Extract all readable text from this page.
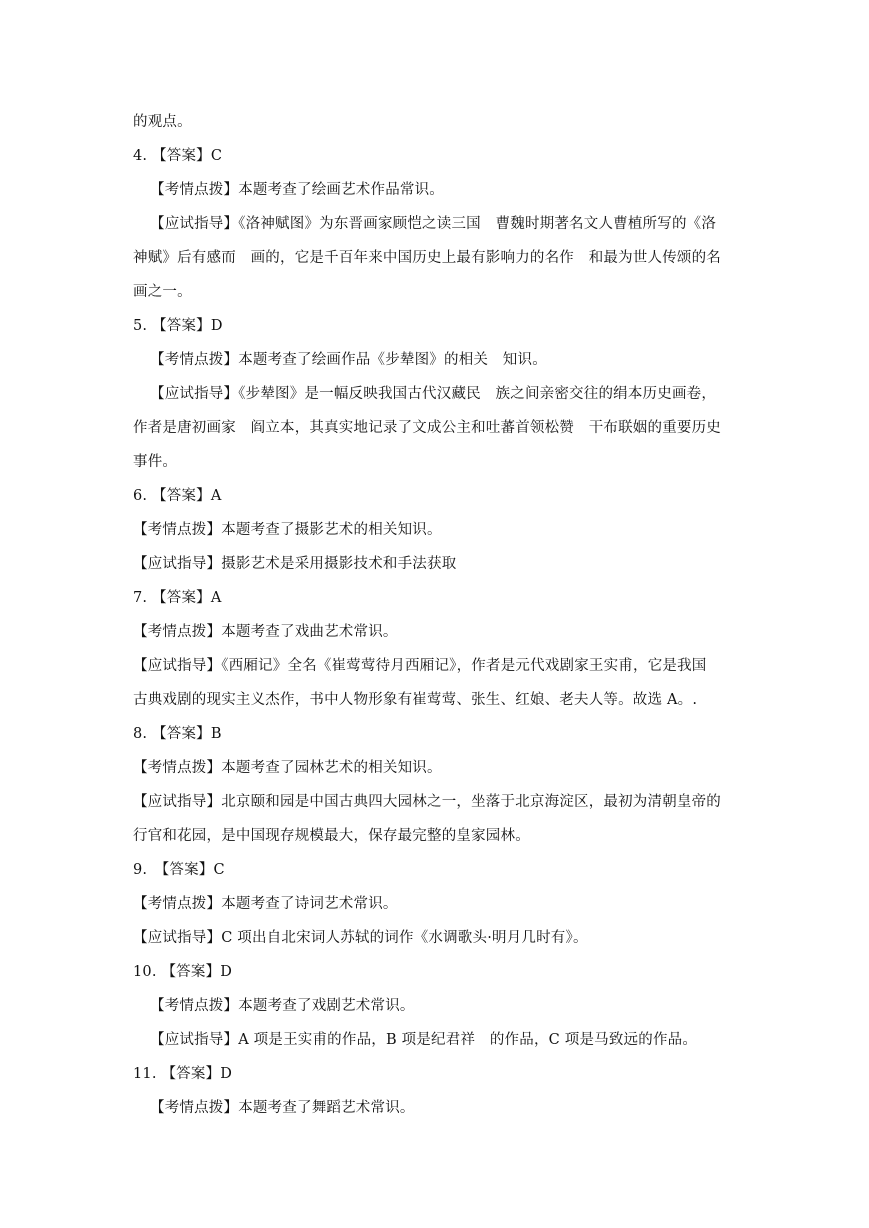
的观点。
4. 【答案】C
【考情点拨】本题考查了绘画艺术作品常识。
【应试指导】《洛神赋图》为东晋画家顾恺之读三国　曹魏时期著名文人曹植所写的《洛
神赋》后有感而　画的，它是千百年来中国历史上最有影响力的名作　和最为世人传颂的名
画之一。
5. 【答案】D
【考情点拨】本题考查了绘画作品《步辇图》的相关　知识。
【应试指导】《步辇图》是一幅反映我国古代汉藏民　族之间亲密交往的绢本历史画卷，
作者是唐初画家　阎立本，其真实地记录了文成公主和吐蕃首领松赞　干布联姻的重要历史
事件。
6. 【答案】A
【考情点拨】本题考查了摄影艺术的相关知识。
【应试指导】摄影艺术是采用摄影技术和手法获取
7. 【答案】A
【考情点拨】本题考查了戏曲艺术常识。
【应试指导】《西厢记》全名《崔莺莺待月西厢记》，作者是元代戏剧家王实甫，它是我国
古典戏剧的现实主义杰作，书中人物形象有崔莺莺、张生、红娘、老夫人等。故选 A。.
8. 【答案】B
【考情点拨】本题考查了园林艺术的相关知识。
【应试指导】北京颐和园是中国古典四大园林之一，坐落于北京海淀区，最初为清朝皇帝的
行官和花园，是中国现存规模最大，保存最完整的皇家园林。
9.　【答案】C
【考情点拨】本题考查了诗词艺术常识。
【应试指导】C 项出自北宋词人苏轼的词作《水调歌头·明月几时有》。
10. 【答案】D
【考情点拨】本题考查了戏剧艺术常识。
【应试指导】A 项是王实甫的作品，B 项是纪君祥　的作品，C 项是马致远的作品。
11. 【答案】D
【考情点拨】本题考查了舞蹈艺术常识。
